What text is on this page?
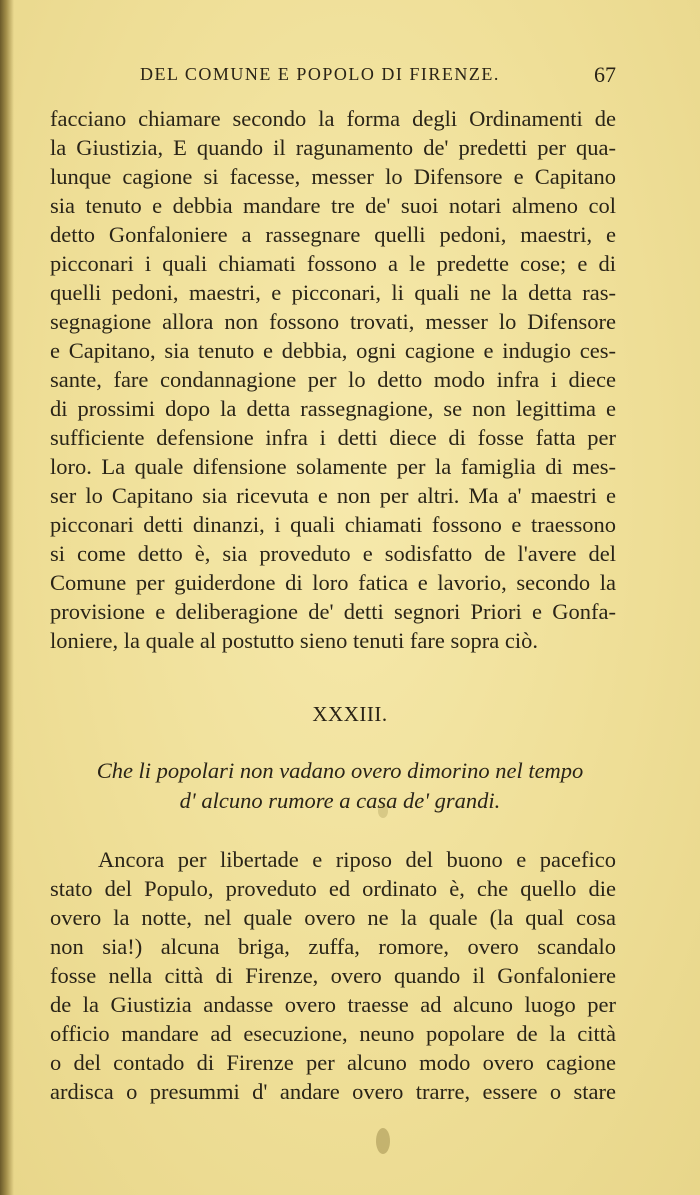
DEL COMUNE E POPOLO DI FIRENZE.	67
facciano chiamare secondo la forma degli Ordinamenti de
la Giustizia, E quando il ragunamento de' predetti per qua-
lunque cagione si facesse, messer lo Difensore e Capitano
sia tenuto e debbia mandare tre de' suoi notari almeno col
detto Gonfaloniere a rassegnare quelli pedoni, maestri, e
picconari i quali chiamati fossono a le predette cose; e di
quelli pedoni, maestri, e picconari, li quali ne la detta ras-
segnagione allora non fossono trovati, messer lo Difensore
e Capitano, sia tenuto e debbia, ogni cagione e indugio ces-
sante, fare condannagione per lo detto modo infra i diece
di prossimi dopo la detta rassegnagione, se non legittima e
sufficiente defensione infra i detti diece di fosse fatta per
loro. La quale difensione solamente per la famiglia di mes-
ser lo Capitano sia ricevuta e non per altri. Ma a' maestri e
picconari detti dinanzi, i quali chiamati fossono e traessono
si come detto è, sia proveduto e sodisfatto de l'avere del
Comune per guiderdone di loro fatica e lavorio, secondo la
provisione e deliberagione de' detti segnori Priori e Gonfa-
loniere, la quale al postutto sieno tenuti fare sopra ciò.
XXXIII.
Che li popolari non vadano overo dimorino nel tempo
d' alcuno rumore a casa de' grandi.
Ancora per libertade e riposo del buono e pacefico
stato del Populo, proveduto ed ordinato è, che quello die
overo la notte, nel quale overo ne la quale (la qual cosa
non sia!) alcuna briga, zuffa, romore, overo scandalo
fosse nella città di Firenze, overo quando il Gonfaloniere
de la Giustizia andasse overo traesse ad alcuno luogo per
officio mandare ad esecuzione, neuno popolare de la città
o del contado di Firenze per alcuno modo overo cagione
ardisca o presummi d' andare overo trarre, essere o stare
